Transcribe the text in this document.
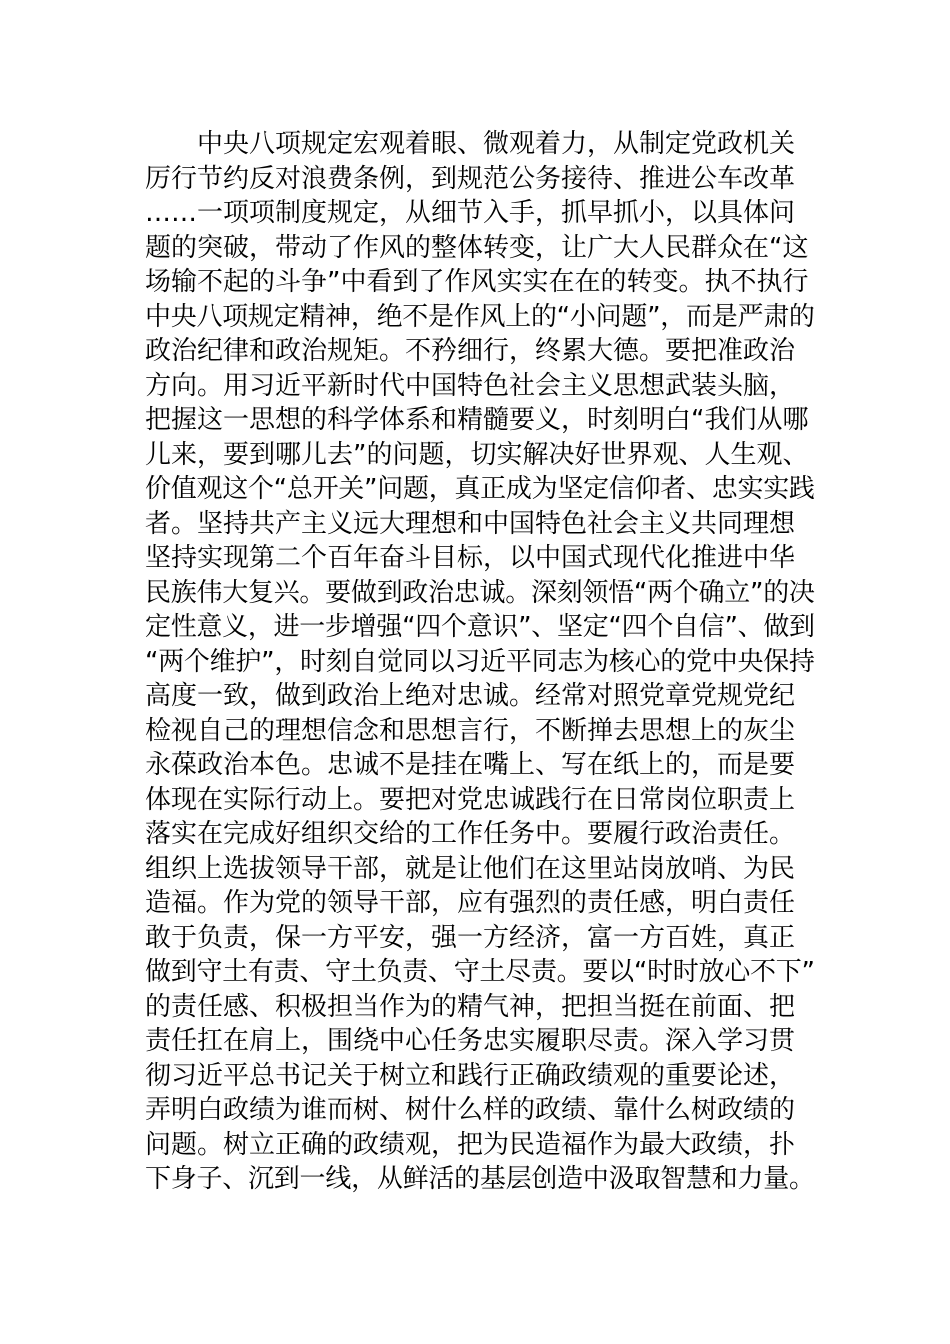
中央八项规定宏观着眼、微观着力，从制定党政机关
厉行节约反对浪费条例，到规范公务接待、推进公车改革
……一项项制度规定，从细节入手，抓早抓小，以具体问
题的突破，带动了作风的整体转变，让广大人民群众在“这
场输不起的斗争”中看到了作风实实在在的转变。执不执行
中央八项规定精神，绝不是作风上的“小问题”，而是严肃的
政治纪律和政治规矩。不矜细行，终累大德。要把准政治
方向。用习近平新时代中国特色社会主义思想武装头脑，
把握这一思想的科学体系和精髓要义，时刻明白“我们从哪
儿来，要到哪儿去”的问题，切实解决好世界观、人生观、
价值观这个“总开关”问题，真正成为坚定信仰者、忠实实践
者。坚持共产主义远大理想和中国特色社会主义共同理想
坚持实现第二个百年奋斗目标，以中国式现代化推进中华
民族伟大复兴。要做到政治忠诚。深刻领悟“两个确立”的决
定性意义，进一步增强“四个意识”、坚定“四个自信”、做到
“两个维护”，时刻自觉同以习近平同志为核心的党中央保持
高度一致，做到政治上绝对忠诚。经常对照党章党规党纪
检视自己的理想信念和思想言行，不断掸去思想上的灰尘
永葆政治本色。忠诚不是挂在嘴上、写在纸上的，而是要
体现在实际行动上。要把对党忠诚践行在日常岗位职责上
落实在完成好组织交给的工作任务中。要履行政治责任。
组织上选拔领导干部，就是让他们在这里站岗放哨、为民
造福。作为党的领导干部，应有强烈的责任感，明白责任
敢于负责，保一方平安，强一方经济，富一方百姓，真正
做到守土有责、守土负责、守土尽责。要以“时时放心不下”
的责任感、积极担当作为的精气神，把担当挺在前面、把
责任扛在肩上，围绕中心任务忠实履职尽责。深入学习贯
彻习近平总书记关于树立和践行正确政绩观的重要论述，
弄明白政绩为谁而树、树什么样的政绩、靠什么树政绩的
问题。树立正确的政绩观，把为民造福作为最大政绩，扑
下身子、沉到一线，从鲜活的基层创造中汲取智慧和力量。
